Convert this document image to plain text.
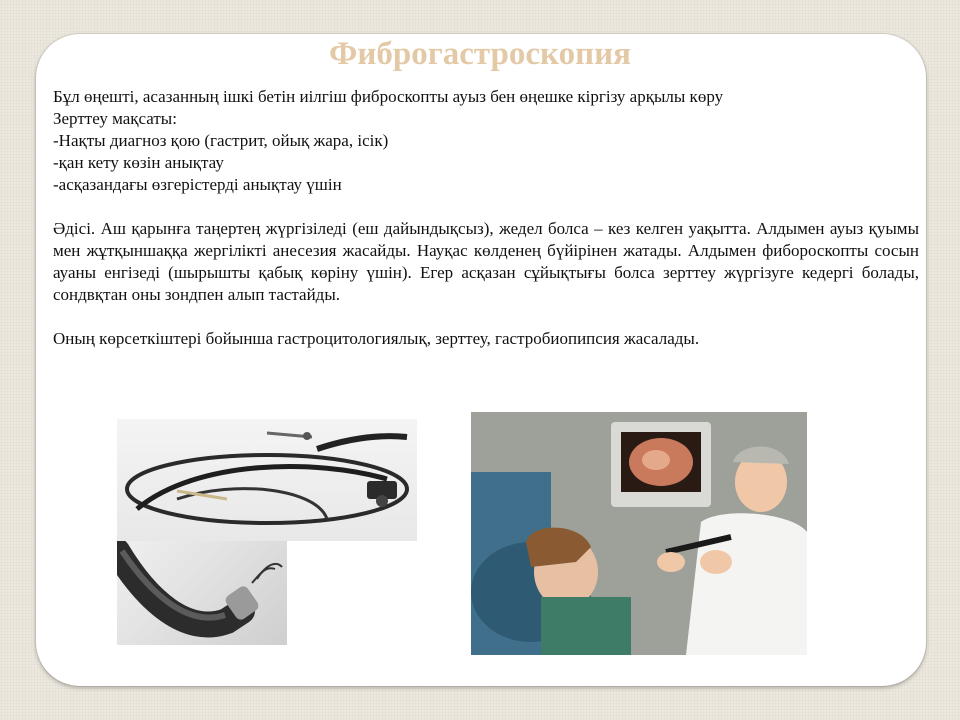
Фиброгастроскопия

Бұл өңешті, асазанның ішкі бетін иілгіш фиброскопты ауыз бен өңешке кіргізу арқылы көру

Зерттеу мақсаты:

-Нақты диагноз қою (гастрит, ойық жара, ісік)

-қан кету көзін анықтау

-асқазандағы өзгерістерді анықтау үшін

Әдісі. Аш қарынға таңертең жүргізіледі (еш дайындықсыз), жедел болса – кез келген уақытта. Алдымен ауыз қуымы мен жұтқыншаққа жергілікті анесезия жасайды. Науқас көлденең бүйірінен жатады. Алдымен фибороскопты сосын ауаны енгізеді (шырышты қабық көріну үшін). Егер асқазан сұйықтығы болса зерттеу жүргізуге кедергі болады, сондвқтан оны зондпен алып тастайды.

Оның көрсеткіштері бойынша гастроцитологиялық, зерттеу, гастробиопипсия жасалады.
